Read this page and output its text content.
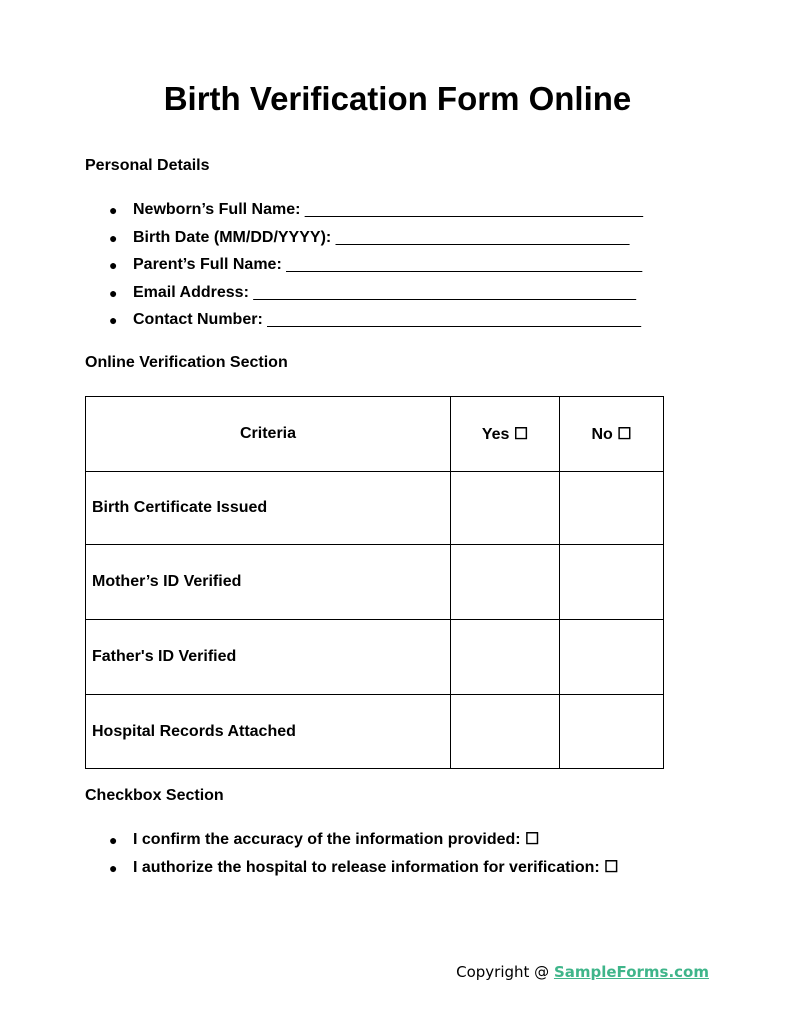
Birth Verification Form Online
Personal Details
● Newborn’s Full Name: ______________________________________
● Birth Date (MM/DD/YYYY): _________________________________
● Parent’s Full Name: ________________________________________
● Email Address: ___________________________________________
● Contact Number: __________________________________________
Online Verification Section
Criteria	Yes ☐	No ☐
Birth Certificate Issued		
Mother’s ID Verified		
Father's ID Verified		
Hospital Records Attached		
Checkbox Section
● I confirm the accuracy of the information provided: ☐
● I authorize the hospital to release information for verification: ☐
Copyright @ SampleForms.com
